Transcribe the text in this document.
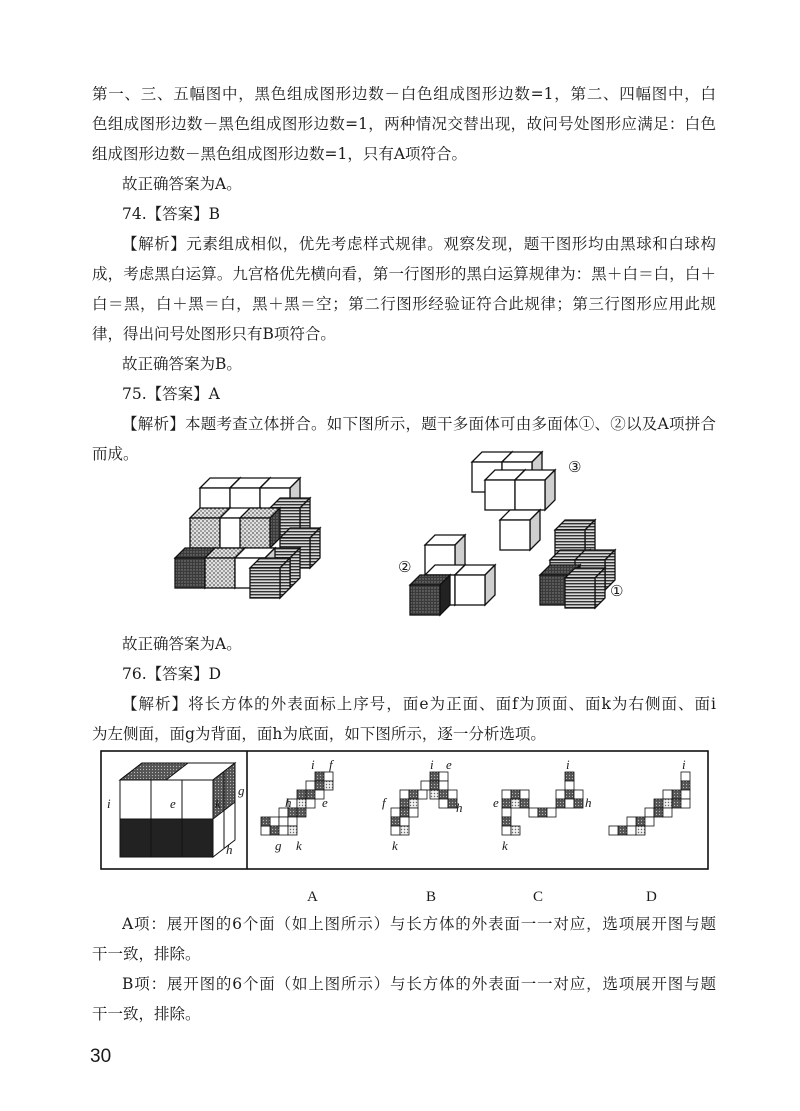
第一、三、五幅图中，黑色组成图形边数－白色组成图形边数=1，第二、四幅图中，白
色组成图形边数－黑色组成图形边数=1，两种情况交替出现，故问号处图形应满足：白色
组成图形边数－黑色组成图形边数=1，只有A项符合。
故正确答案为A。
74.【答案】B
【解析】元素组成相似，优先考虑样式规律。观察发现，题干图形均由黑球和白球构
成，考虑黑白运算。九宫格优先横向看，第一行图形的黑白运算规律为：黑＋白＝白，白＋
白＝黑，白＋黑＝白，黑＋黑＝空；第二行图形经验证符合此规律；第三行图形应用此规
律，得出问号处图形只有B项符合。
故正确答案为B。
75.【答案】A
【解析】本题考查立体拼合。如下图所示，题干多面体可由多面体①、②以及A项拼合
而成。
③
②
①
故正确答案为A。
76.【答案】D
【解析】将长方体的外表面标上序号，面e为正面、面f为顶面、面k为右侧面、面i
为左侧面，面g为背面，面h为底面，如下图所示，逐一分析选项。
i	e	k
g
h
i f
h e
g k
i e
f	h
k
i
e	h
k
i
A	B	C	D
A项：展开图的6个面（如上图所示）与长方体的外表面一一对应，选项展开图与题
干一致，排除。
B项：展开图的6个面（如上图所示）与长方体的外表面一一对应，选项展开图与题
干一致，排除。
30
